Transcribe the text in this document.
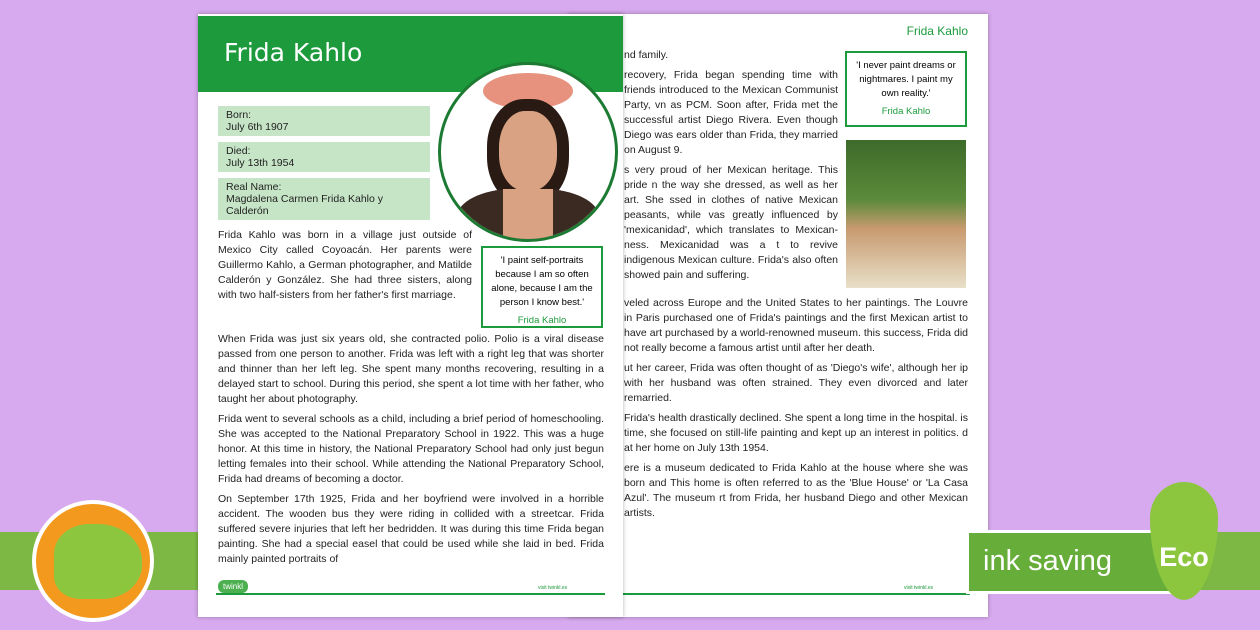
Frida Kahlo

nd family.

recovery, Frida began spending time with friends introduced to the Mexican Communist Party, vn as PCM. Soon after, Frida met the successful artist Diego Rivera. Even though Diego was ears older than Frida, they married on August 9.

s very proud of her Mexican heritage. This pride n the way she dressed, as well as her art. She ssed in clothes of native Mexican peasants, while vas greatly influenced by 'mexicanidad', which translates to Mexican-ness. Mexicanidad was a t to revive indigenous Mexican culture. Frida's also often showed pain and suffering.

veled across Europe and the United States to her paintings. The Louvre in Paris purchased one of Frida's paintings and the first Mexican artist to have art purchased by a world-renowned museum. this success, Frida did not really become a famous artist until after her death.

ut her career, Frida was often thought of as 'Diego's wife', although her ip with her husband was often strained. They even divorced and later remarried.

Frida's health drastically declined. She spent a long time in the hospital. is time, she focused on still-life painting and kept up an interest in politics. d at her home on July 13th 1954.

ere is a museum dedicated to Frida Kahlo at the house where she was born and This home is often referred to as the 'Blue House' or 'La Casa Azul'. The museum rt from Frida, her husband Diego and other Mexican artists.

'I never paint dreams or nightmares. I paint my own reality.'
Frida Kahlo
visit twinkl.es
Frida Kahlo
Born:
July 6th 1907
Died:
July 13th 1954
Real Name:
Magdalena Carmen Frida Kahlo y Calderón

Frida Kahlo was born in a village just outside of Mexico City called Coyoacán. Her parents were Guillermo Kahlo, a German photographer, and Matilde Calderón y González. She had three sisters, along with two half-sisters from her father's first marriage.

When Frida was just six years old, she contracted polio. Polio is a viral disease passed from one person to another. Frida was left with a right leg that was shorter and thinner than her left leg. She spent many months recovering, resulting in a delayed start to school. During this period, she spent a lot time with her father, who taught her about photography.

Frida went to several schools as a child, including a brief period of homeschooling. She was accepted to the National Preparatory School in 1922. This was a huge honor. At this time in history, the National Preparatory School had only just begun letting females into their school. While attending the National Preparatory School, Frida had dreams of becoming a doctor.

On September 17th 1925, Frida and her boyfriend were involved in a horrible accident. The wooden bus they were riding in collided with a streetcar. Frida suffered severe injuries that left her bedridden. It was during this time Frida began painting. She had a special easel that could be used while she laid in bed. Frida mainly painted portraits of

'I paint self-portraits because I am so often alone, because I am the person I know best.'
Frida Kahlo
twinkl	visit twinkl.es
ink saving	Eco
